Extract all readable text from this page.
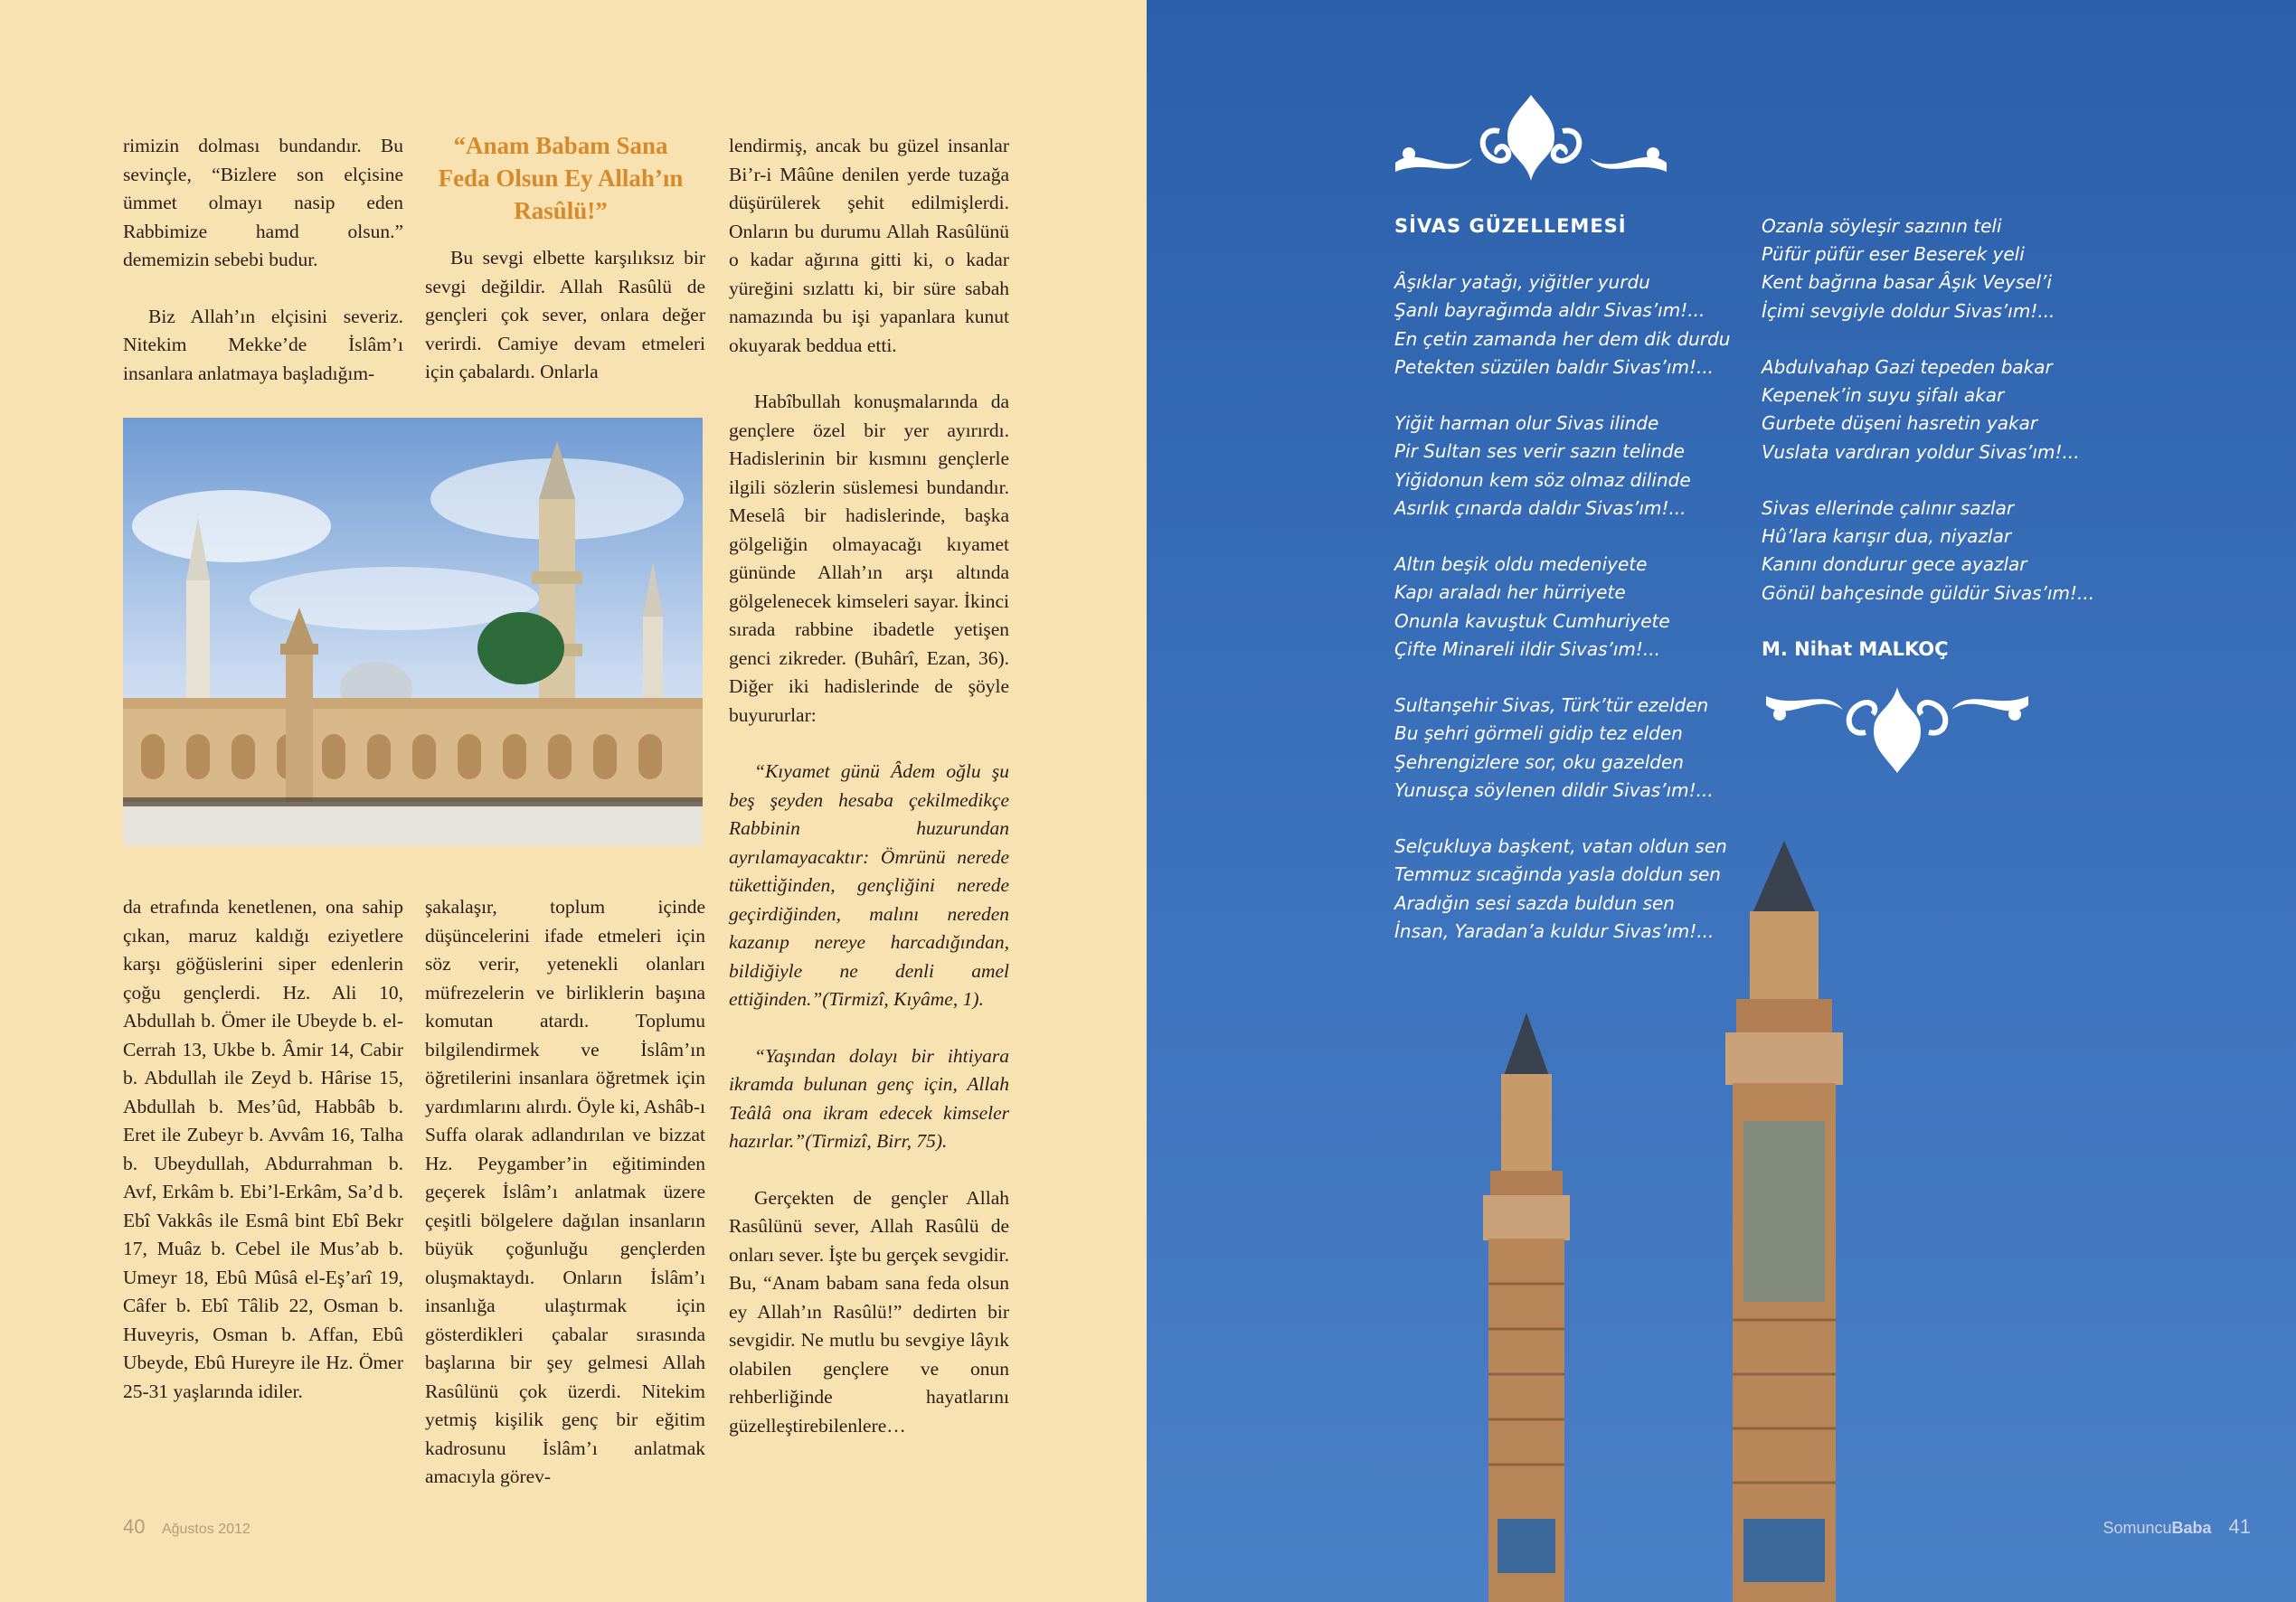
rimizin dolması bundandır. Bu sevinçle, “Bizlere son elçisine ümmet olmayı nasip eden Rabbimize hamd olsun.” dememizin sebebi budur.

Biz Allah’ın elçisini severiz. Nitekim Mekke’de İslâm’ı insanlara anlatmaya başladığım-

“Anam Babam Sana Feda Olsun Ey Allah’ın Rasûlü!”

Bu sevgi elbette karşılıksız bir sevgi değildir. Allah Rasûlü de gençleri çok sever, onlara değer verirdi. Camiye devam etmeleri için çabalardı. Onlarla

lendirmiş, ancak bu güzel insanlar Bi’r-i Mâûne denilen yerde tuzağa düşürülerek şehit edilmişlerdi. Onların bu durumu Allah Rasûlünü o kadar ağırına gitti ki, o kadar yüreğini sızlattı ki, bir süre sabah namazında bu işi yapanlara kunut okuyarak beddua etti.

Habîbullah konuşmalarında da gençlere özel bir yer ayırırdı. Hadislerinin bir kısmını gençlerle ilgili sözlerin süslemesi bundandır. Meselâ bir hadislerinde, başka gölgeliğin olmayacağı kıyamet gününde Allah’ın arşı altında gölgelenecek kimseleri sayar. İkinci sırada rabbine ibadetle yetişen genci zikreder. (Buhârî, Ezan, 36). Diğer iki hadislerinde de şöyle buyururlar:

“Kıyamet günü Âdem oğlu şu beş şeyden hesaba çekilmedikçe Rabbinin huzurundan ayrılamayacaktır: Ömrünü nerede tüketti̇ğinden, gençliğini nerede geçirdiğinden, malını nereden kazanıp nereye harcadığından, bildiğiyle ne denli amel ettiğinden.”(Tirmizî, Kıyâme, 1).

“Yaşından dolayı bir ihtiyara ikramda bulunan genç için, Allah Teâlâ ona ikram edecek kimseler hazırlar.”(Tirmizî, Birr, 75).

Gerçekten de gençler Allah Rasûlünü sever, Allah Rasûlü de onları sever. İşte bu gerçek sevgidir. Bu, “Anam babam sana feda olsun ey Allah’ın Rasûlü!” dedirten bir sevgidir. Ne mutlu bu sevgiye lâyık olabilen gençlere ve onun rehberliğinde hayatlarını güzelleştirebilenlere…

da etrafında kenetlenen, ona sahip çıkan, maruz kaldığı eziyetlere karşı göğüslerini siper edenlerin çoğu gençlerdi. Hz. Ali 10, Abdullah b. Ömer ile Ubeyde b. el-Cerrah 13, Ukbe b. Âmir 14, Cabir b. Abdullah ile Zeyd b. Hârise 15, Abdullah b. Mes’ûd, Habbâb b. Eret ile Zubeyr b. Avvâm 16, Talha b. Ubeydullah, Abdurrahman b. Avf, Erkâm b. Ebi’l-Erkâm, Sa’d b. Ebî Vakkâs ile Esmâ bint Ebî Bekr 17, Muâz b. Cebel ile Mus’ab b. Umeyr 18, Ebû Mûsâ el-Eş’arî 19, Câfer b. Ebî Tâlib 22, Osman b. Huveyris, Osman b. Affan, Ebû Ubeyde, Ebû Hureyre ile Hz. Ömer 25-31 yaşlarında idiler.

şakalaşır, toplum içinde düşüncelerini ifade etmeleri için söz verir, yetenekli olanları müfrezelerin ve birliklerin başına komutan atardı. Toplumu bilgilendirmek ve İslâm’ın öğretilerini insanlara öğretmek için yardımlarını alırdı. Öyle ki, Ashâb-ı Suffa olarak adlandırılan ve bizzat Hz. Peygamber’in eğitiminden geçerek İslâm’ı anlatmak üzere çeşitli bölgelere dağılan insanların büyük çoğunluğu gençlerden oluşmaktaydı. Onların İslâm’ı insanlığa ulaştırmak için gösterdikleri çabalar sırasında başlarına bir şey gelmesi Allah Rasûlünü çok üzerdi. Nitekim yetmiş kişilik genç bir eğitim kadrosunu İslâm’ı anlatmak amacıyla görev-

40 Ağustos 2012
SİVAS GÜZELLEMESİ
Âşıklar yatağı, yiğitler yurdu
Şanlı bayrağımda aldır Sivas’ım!...
En çetin zamanda her dem dik durdu
Petekten süzülen baldır Sivas’ım!...
Yiğit harman olur Sivas ilinde
Pir Sultan ses verir sazın telinde
Yiğidonun kem söz olmaz dilinde
Asırlık çınarda daldır Sivas’ım!...
Altın beşik oldu medeniyete
Kapı araladı her hürriyete
Onunla kavuştuk Cumhuriyete
Çifte Minareli ildir Sivas’ım!...
Sultanşehir Sivas, Türk’tür ezelden
Bu şehri görmeli gidip tez elden
Şehrengizlere sor, oku gazelden
Yunusça söylenen dildir Sivas’ım!...
Selçukluya başkent, vatan oldun sen
Temmuz sıcağında yasla doldun sen
Aradığın sesi sazda buldun sen
İnsan, Yaradan’a kuldur Sivas’ım!...
Ozanla söyleşir sazının teli
Püfür püfür eser Beserek yeli
Kent bağrına basar Âşık Veysel’i
İçimi sevgiyle doldur Sivas’ım!...
Abdulvahap Gazi tepeden bakar
Kepenek’in suyu şifalı akar
Gurbete düşeni hasretin yakar
Vuslata vardıran yoldur Sivas’ım!...
Sivas ellerinde çalınır sazlar
Hû’lara karışır dua, niyazlar
Kanını dondurur gece ayazlar
Gönül bahçesinde güldür Sivas’ım!...
M. Nihat MALKOÇ
SomuncuBaba 41
